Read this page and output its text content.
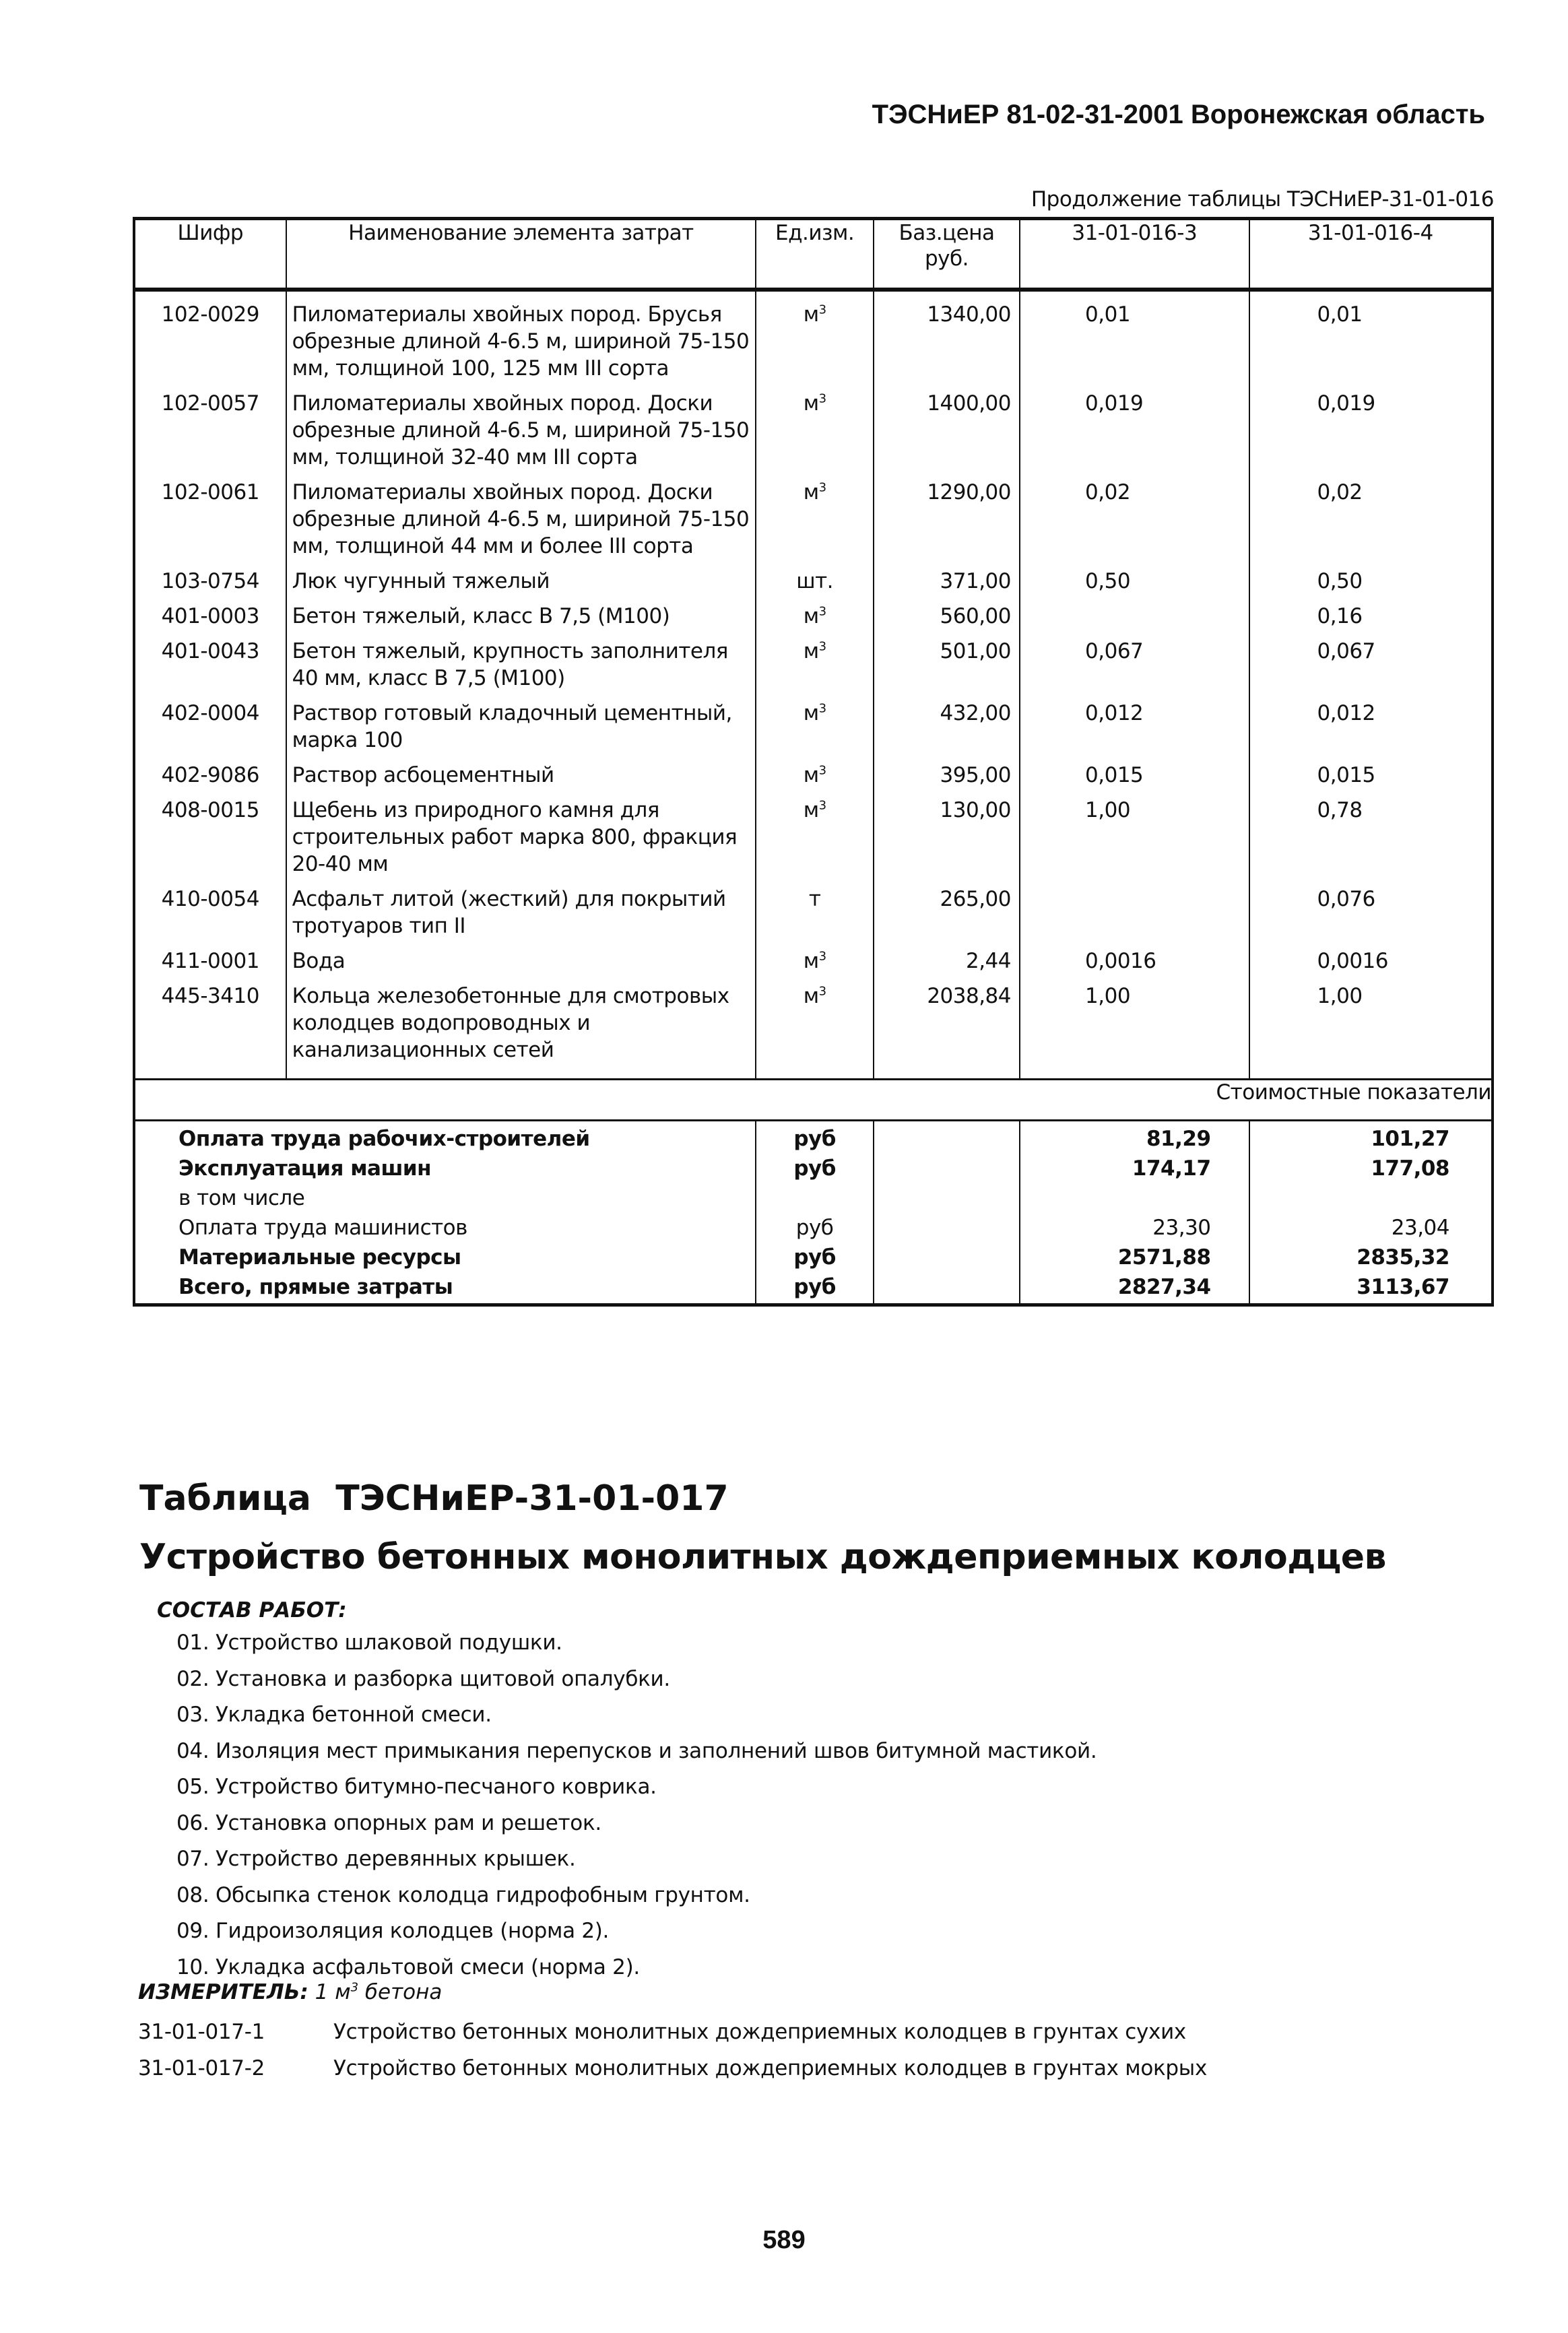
ТЭСНиЕР 81-02-31-2001 Воронежская область
Продолжение таблицы ТЭСНиЕР-31-01-016
Шифр	Наименование элемента затрат	Ед.изм.	Баз.цена руб.	31-01-016-3	31-01-016-4
102-0029	Пиломатериалы хвойных пород. Брусья обрезные длиной 4-6.5 м, шириной 75-150 мм, толщиной 100, 125 мм III сорта	$м^3$	1340,00	0,01	0,01
102-0057	Пиломатериалы хвойных пород. Доски обрезные длиной 4-6.5 м, шириной 75-150 мм, толщиной 32-40 мм III сорта	$м^3$	1400,00	0,019	0,019
102-0061	Пиломатериалы хвойных пород. Доски обрезные длиной 4-6.5 м, шириной 75-150 мм, толщиной 44 мм и более III сорта	$м^3$	1290,00	0,02	0,02
103-0754	Люк чугунный тяжелый	шт.	371,00	0,50	0,50
401-0003	Бетон тяжелый, класс В 7,5 (М100)	$м^3$	560,00		0,16
401-0043	Бетон тяжелый, крупность заполнителя 40 мм, класс В 7,5 (М100)	$м^3$	501,00	0,067	0,067
402-0004	Раствор готовый кладочный цементный, марка 100	$м^3$	432,00	0,012	0,012
402-9086	Раствор асбоцементный	$м^3$	395,00	0,015	0,015
408-0015	Щебень из природного камня для строительных работ марка 800, фракция 20-40 мм	$м^3$	130,00	1,00	0,78
410-0054	Асфальт литой (жесткий) для покрытий тротуаров тип II	т	265,00		0,076
411-0001	Вода	$м^3$	2,44	0,0016	0,0016
445-3410	Кольца железобетонные для смотровых колодцев водопроводных и канализационных сетей	$м^3$	2038,84	1,00	1,00
Стоимостные показатели					
Оплата труда рабочих-строителей		руб		81,29	101,27
Эксплуатация машин		руб		174,17	177,08
в том числе					
Оплата труда машинистов		руб		23,30	23,04
Материальные ресурсы		руб		2571,88	2835,32
Всего, прямые затраты		руб		2827,34	3113,67
Таблица  ТЭСНиЕР-31-01-017
Устройство бетонных монолитных дождеприемных колодцев
СОСТАВ РАБОТ:
01. Устройство шлаковой подушки.
02. Установка и разборка щитовой опалубки.
03. Укладка бетонной смеси.
04. Изоляция мест примыкания перепусков и заполнений швов битумной мастикой.
05. Устройство битумно-песчаного коврика.
06. Установка опорных рам и решеток.
07. Устройство деревянных крышек.
08. Обсыпка стенок колодца гидрофобным грунтом.
09. Гидроизоляция колодцев (норма 2).
10. Укладка асфальтовой смеси (норма 2).
ИЗМЕРИТЕЛЬ: 1 $м^3$ бетона
31-01-017-1	Устройство бетонных монолитных дождеприемных колодцев в грунтах сухих
31-01-017-2	Устройство бетонных монолитных дождеприемных колодцев в грунтах мокрых
589
